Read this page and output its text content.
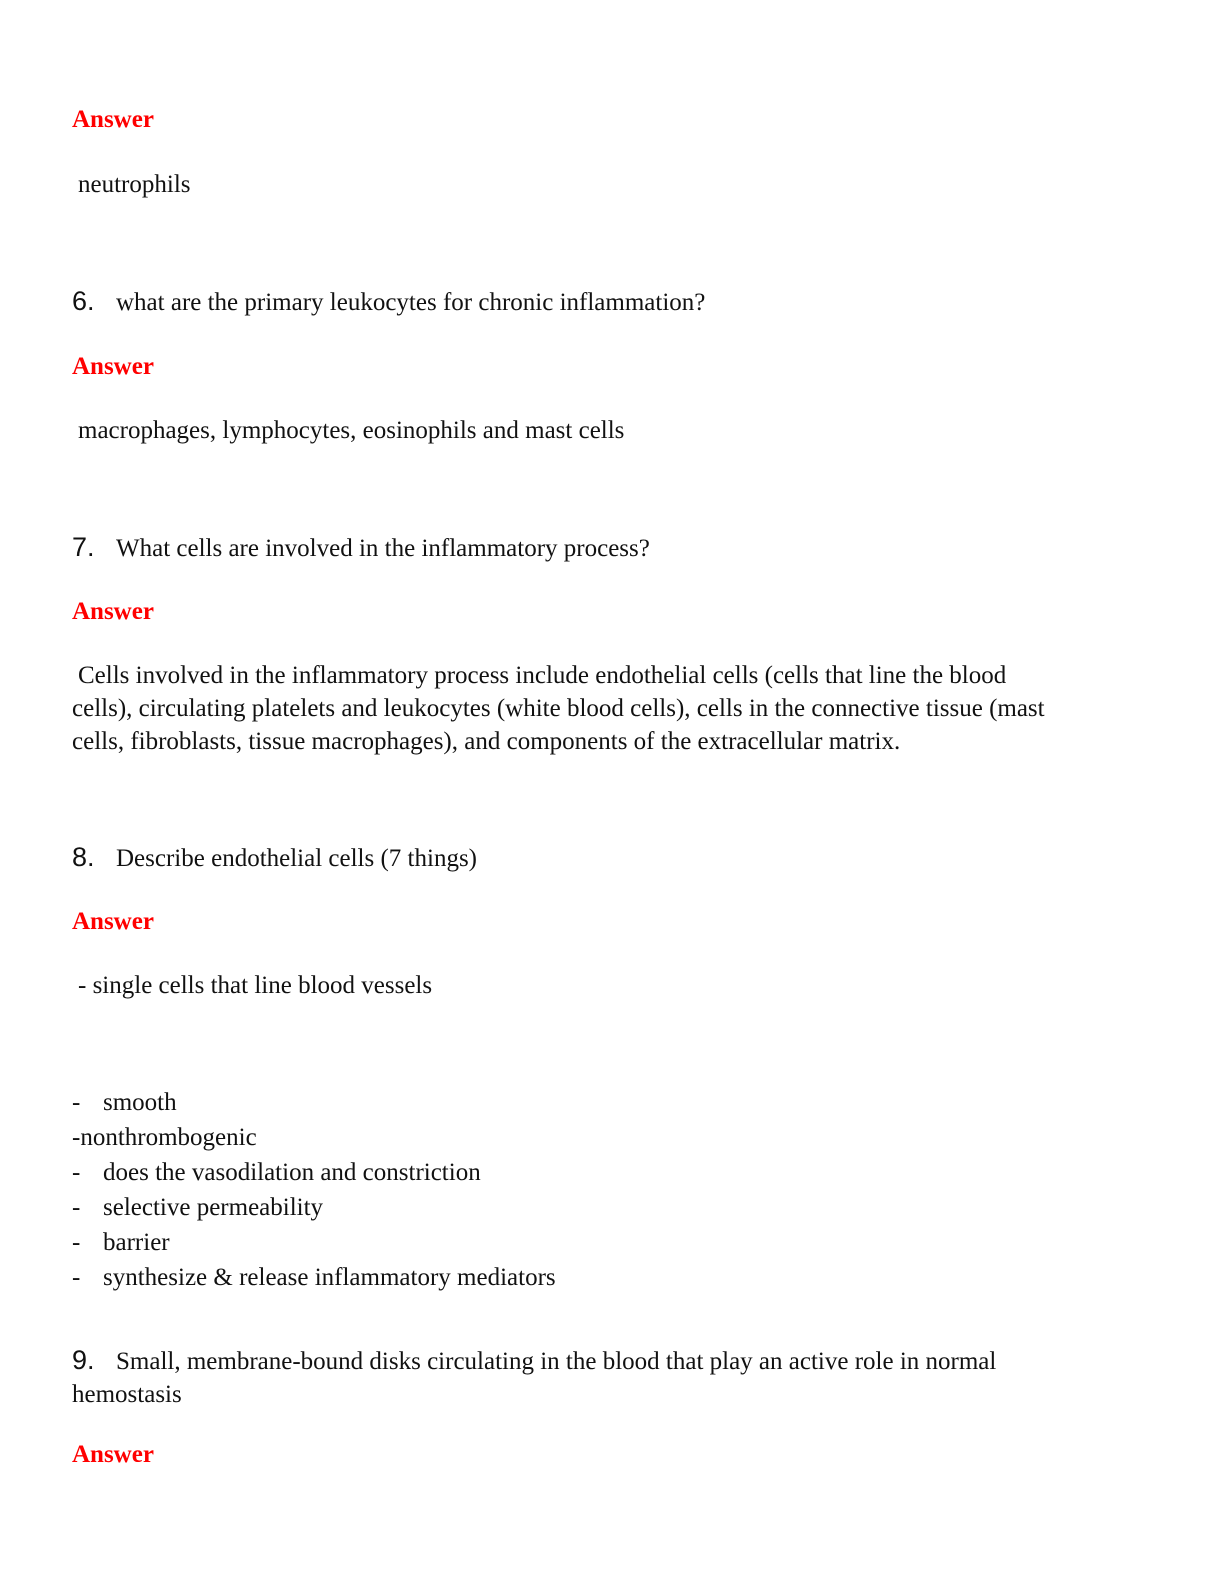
Answer
neutrophils
6. what are the primary leukocytes for chronic inflammation?
Answer
macrophages, lymphocytes, eosinophils and mast cells
7. What cells are involved in the inflammatory process?
Answer
Cells involved in the inflammatory process include endothelial cells (cells that line the blood
cells), circulating platelets and leukocytes (white blood cells), cells in the connective tissue (mast
cells, fibroblasts, tissue macrophages), and components of the extracellular matrix.
8. Describe endothelial cells (7 things)
Answer
- single cells that line blood vessels
- smooth
-nonthrombogenic
- does the vasodilation and constriction
- selective permeability
- barrier
- synthesize & release inflammatory mediators
9. Small, membrane-bound disks circulating in the blood that play an active role in normal
hemostasis
Answer
